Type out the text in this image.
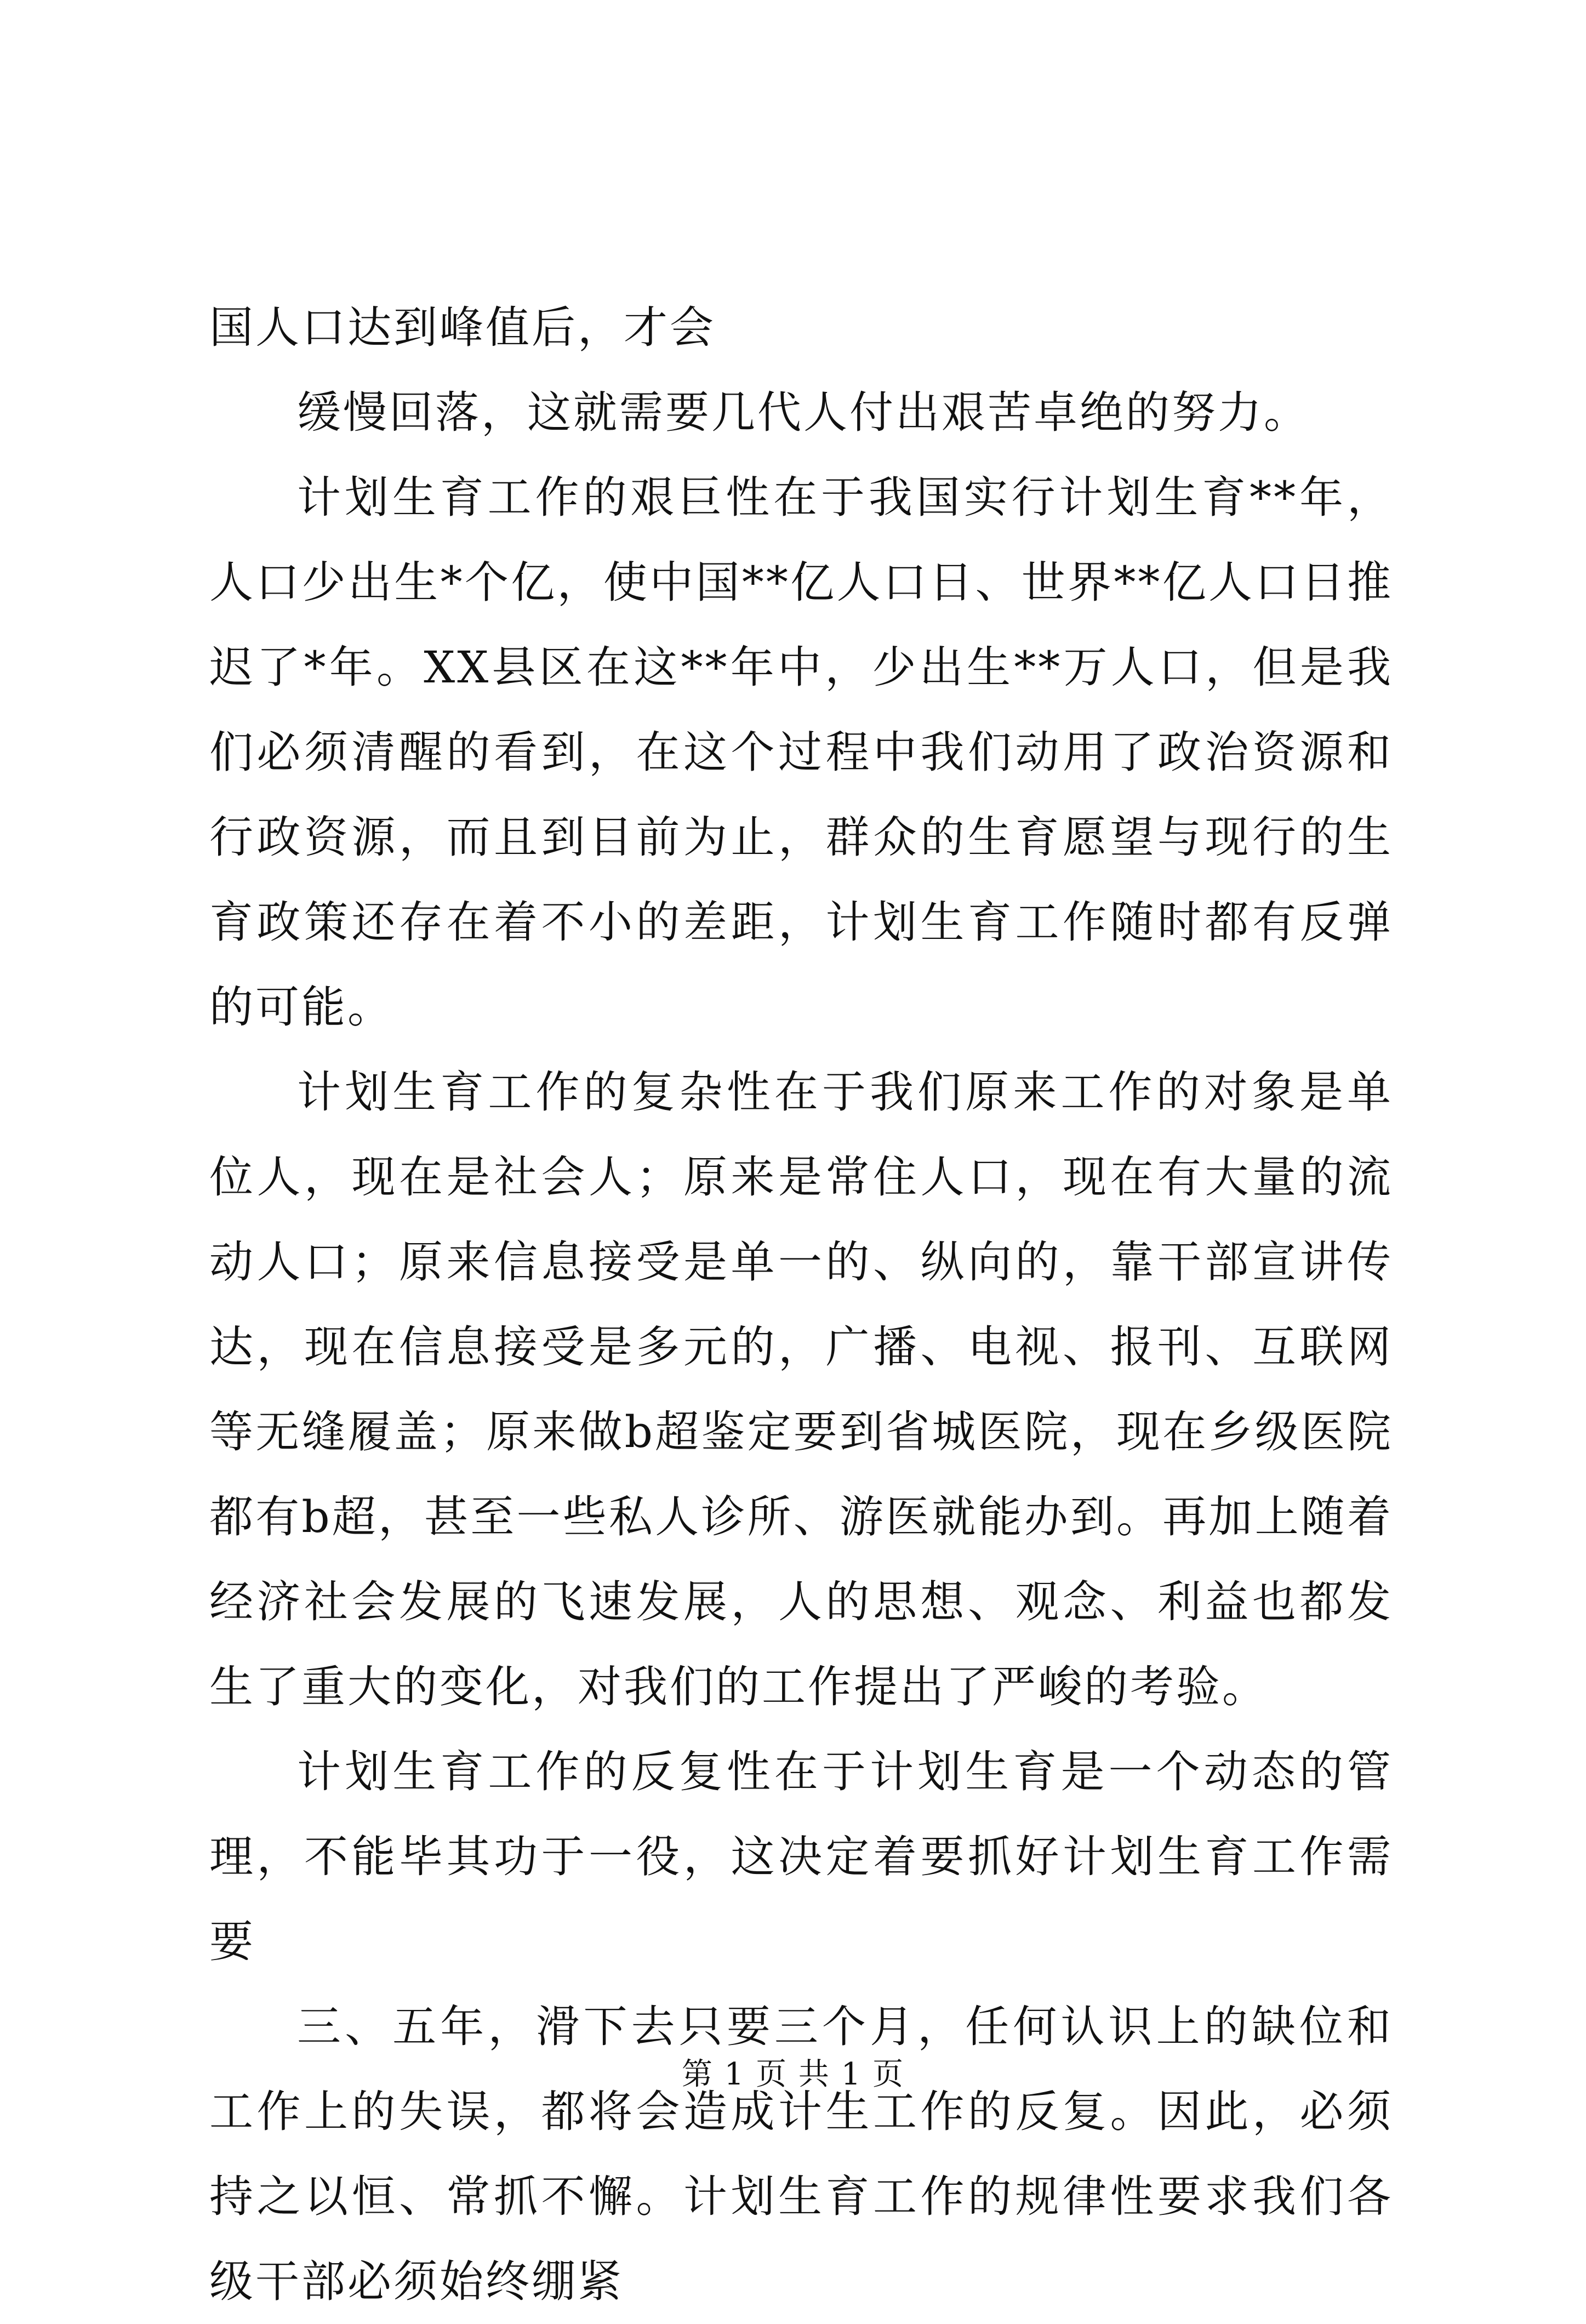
国人口达到峰值后，才会

缓慢回落，这就需要几代人付出艰苦卓绝的努力。

计划生育工作的艰巨性在于我国实行计划生育**年，人口少出生*个亿，使中国**亿人口日、世界**亿人口日推迟了*年。XX县区在这**年中，少出生**万人口，但是我们必须清醒的看到，在这个过程中我们动用了政治资源和行政资源，而且到目前为止，群众的生育愿望与现行的生育政策还存在着不小的差距，计划生育工作随时都有反弹的可能。

计划生育工作的复杂性在于我们原来工作的对象是单位人，现在是社会人；原来是常住人口，现在有大量的流动人口；原来信息接受是单一的、纵向的，靠干部宣讲传达，现在信息接受是多元的，广播、电视、报刊、互联网等无缝履盖；原来做b超鉴定要到省城医院，现在乡级医院都有b超，甚至一些私人诊所、游医就能办到。再加上随着经济社会发展的飞速发展，人的思想、观念、利益也都发生了重大的变化，对我们的工作提出了严峻的考验。

计划生育工作的反复性在于计划生育是一个动态的管理，不能毕其功于一役，这决定着要抓好计划生育工作需要

三、五年，滑下去只要三个月，任何认识上的缺位和工作上的失误，都将会造成计生工作的反复。因此，必须持之以恒、常抓不懈。计划生育工作的规律性要求我们各级干部必须始终绷紧

第 1 页 共 1 页
